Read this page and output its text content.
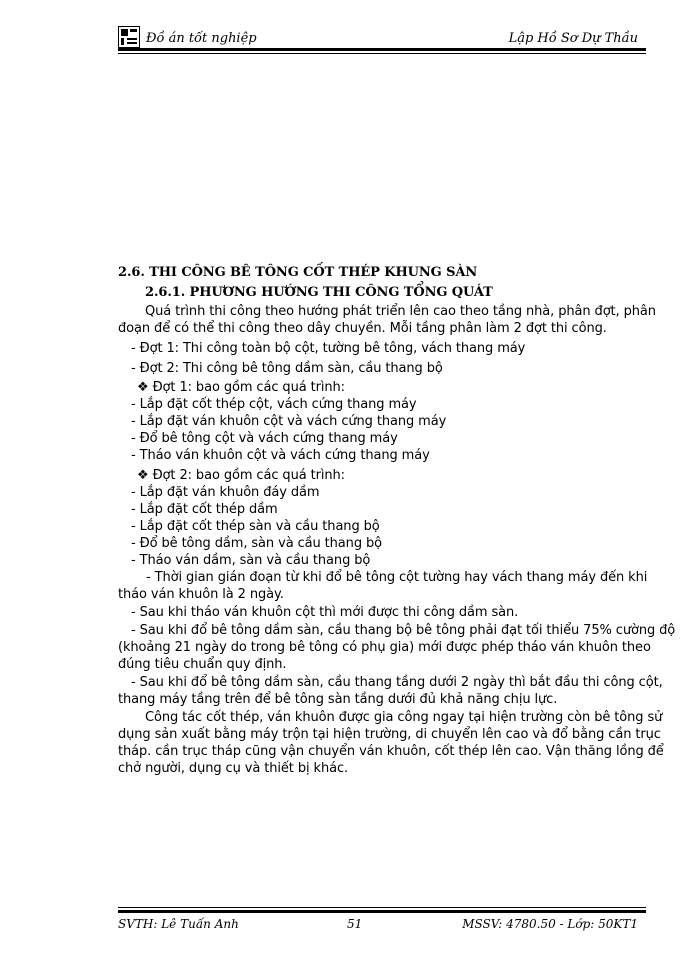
Đồ án tốt nghiệp	Lập Hồ Sơ Dự Thầu
2.6. THI CÔNG BÊ TÔNG CỐT THÉP KHUNG SÀN
2.6.1. PHƯƠNG HƯỚNG THI CÔNG TỔNG QUÁT
Quá trình thi công theo hướng phát triển lên cao theo tầng nhà, phân đợt, phân
đoạn để có thể thi công theo dây chuyền. Mỗi tầng phân làm 2 đợt thi công.
- Đợt 1: Thi công toàn bộ cột, tường bê tông, vách thang máy
- Đợt 2: Thi công bê tông dầm sàn, cầu thang bộ
❖ Đợt 1: bao gồm các quá trình:
- Lắp đặt cốt thép cột, vách cứng thang máy
- Lắp đặt ván khuôn cột và vách cứng thang máy
- Đổ bê tông cột và vách cứng thang máy
- Tháo ván khuôn cột và vách cứng thang máy
❖ Đợt 2: bao gồm các quá trình:
- Lắp đặt ván khuôn đáy dầm
- Lắp đặt cốt thép dầm
- Lắp đặt cốt thép sàn và cầu thang bộ
- Đổ bê tông dầm, sàn và cầu thang bộ
- Tháo ván dầm, sàn và cầu thang bộ
- Thời gian gián đoạn từ khi đổ bê tông cột tường hay vách thang máy đến khi
tháo ván khuôn là 2 ngày.
- Sau khi tháo ván khuôn cột thì mới được thi công dầm sàn.
- Sau khi đổ bê tông dầm sàn, cầu thang bộ bê tông phải đạt tối thiểu 75% cường độ
(khoảng 21 ngày do trong bê tông có phụ gia) mới được phép tháo ván khuôn theo
đúng tiêu chuẩn quy định.
- Sau khi đổ bê tông dầm sàn, cầu thang tầng dưới 2 ngày thì bắt đầu thi công cột,
thang máy tầng trên để bê tông sàn tầng dưới đủ khả năng chịu lực.
Công tác cốt thép, ván khuôn được gia công ngay tại hiện trường còn bê tông sử
dụng sản xuất bằng máy trộn tại hiện trường, di chuyển lên cao và đổ bằng cần trục
tháp. cần trục tháp cũng vận chuyển ván khuôn, cốt thép lên cao. Vận thăng lồng để
chở người, dụng cụ và thiết bị khác.
SVTH: Lê Tuấn Anh	51	MSSV: 4780.50 - Lớp: 50KT1
